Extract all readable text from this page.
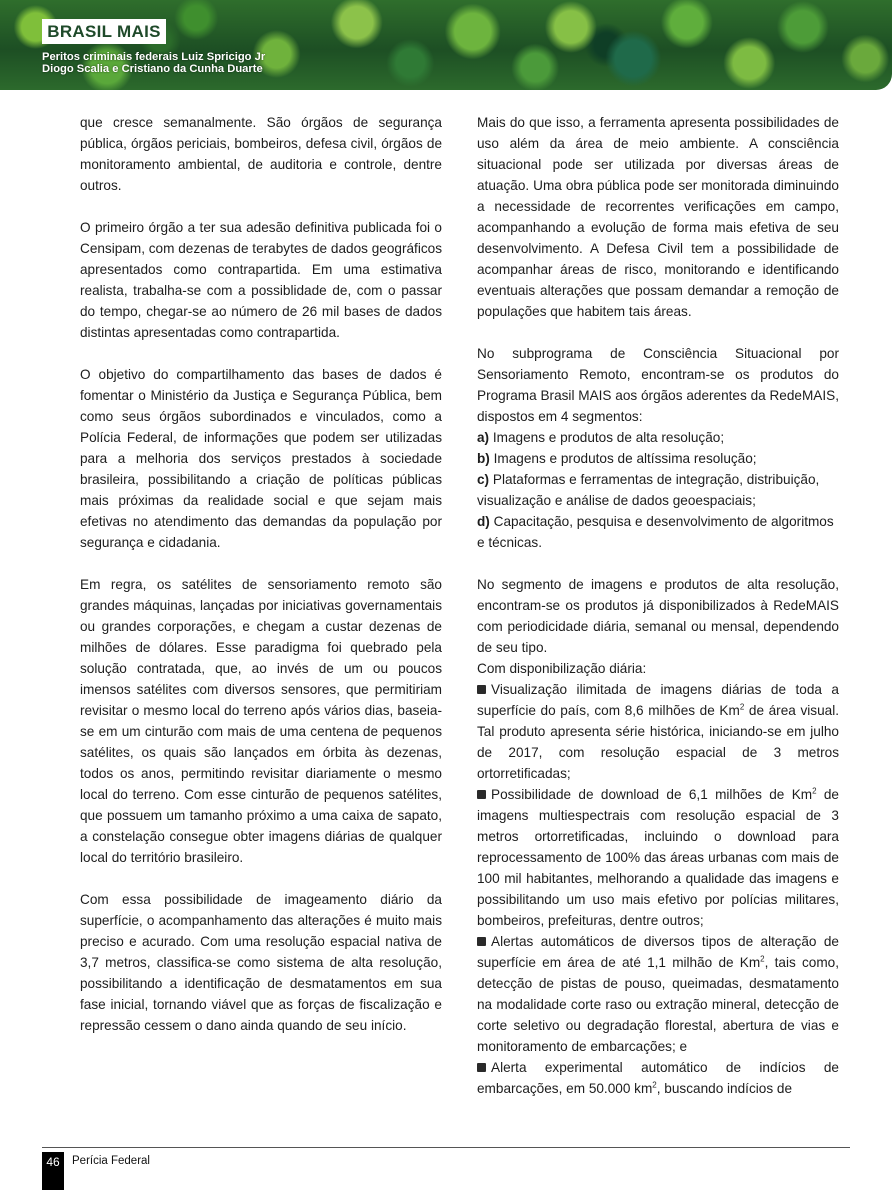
BRASIL MAIS
Peritos criminais federais Luiz Spricigo Jr
Diogo Scalia e Cristiano da Cunha Duarte

que cresce semanalmente. São órgãos de segurança pública, órgãos periciais, bombeiros, defesa civil, órgãos de monitoramento ambiental, de auditoria e controle, dentre outros.

O primeiro órgão a ter sua adesão definitiva publicada foi o Censipam, com dezenas de terabytes de dados geográficos apresentados como contrapartida. Em uma estimativa realista, trabalha-se com a possiblidade de, com o passar do tempo, chegar-se ao número de 26 mil bases de dados distintas apresentadas como contrapartida.

O objetivo do compartilhamento das bases de dados é fomentar o Ministério da Justiça e Segurança Pública, bem como seus órgãos subordinados e vinculados, como a Polícia Federal, de informações que podem ser utilizadas para a melhoria dos serviços prestados à sociedade brasileira, possibilitando a criação de políticas públicas mais próximas da realidade social e que sejam mais efetivas no atendimento das demandas da população por segurança e cidadania.

Em regra, os satélites de sensoriamento remoto são grandes máquinas, lançadas por iniciativas governamentais ou grandes corporações, e chegam a custar dezenas de milhões de dólares. Esse paradigma foi quebrado pela solução contratada, que, ao invés de um ou poucos imensos satélites com diversos sensores, que permitiriam revisitar o mesmo local do terreno após vários dias, baseia-se em um cinturão com mais de uma centena de pequenos satélites, os quais são lançados em órbita às dezenas, todos os anos, permitindo revisitar diariamente o mesmo local do terreno. Com esse cinturão de pequenos satélites, que possuem um tamanho próximo a uma caixa de sapato, a constelação consegue obter imagens diárias de qualquer local do território brasileiro.

Com essa possibilidade de imageamento diário da superfície, o acompanhamento das alterações é muito mais preciso e acurado. Com uma resolução espacial nativa de 3,7 metros, classifica-se como sistema de alta resolução, possibilitando a identificação de desmatamentos em sua fase inicial, tornando viável que as forças de fiscalização e repressão cessem o dano ainda quando de seu início.

Mais do que isso, a ferramenta apresenta possibilidades de uso além da área de meio ambiente. A consciência situacional pode ser utilizada por diversas áreas de atuação. Uma obra pública pode ser monitorada diminuindo a necessidade de recorrentes verificações em campo, acompanhando a evolução de forma mais efetiva de seu desenvolvimento. A Defesa Civil tem a possibilidade de acompanhar áreas de risco, monitorando e identificando eventuais alterações que possam demandar a remoção de populações que habitem tais áreas.

No subprograma de Consciência Situacional por Sensoriamento Remoto, encontram-se os produtos do Programa Brasil MAIS aos órgãos aderentes da RedeMAIS, dispostos em 4 segmentos:

a) Imagens e produtos de alta resolução;
b) Imagens e produtos de altíssima resolução;
c) Plataformas e ferramentas de integração, distribuição, visualização e análise de dados geoespaciais;
d) Capacitação, pesquisa e desenvolvimento de algoritmos e técnicas.

No segmento de imagens e produtos de alta resolução, encontram-se os produtos já disponibilizados à RedeMAIS com periodicidade diária, semanal ou mensal, dependendo de seu tipo.

Com disponibilização diária:

Visualização ilimitada de imagens diárias de toda a superfície do país, com 8,6 milhões de Km$^2$ de área visual. Tal produto apresenta série histórica, iniciando-se em julho de 2017, com resolução espacial de 3 metros ortorretificadas;
Possibilidade de download de 6,1 milhões de Km$^2$ de imagens multiespectrais com resolução espacial de 3 metros ortorretificadas, incluindo o download para reprocessamento de 100% das áreas urbanas com mais de 100 mil habitantes, melhorando a qualidade das imagens e possibilitando um uso mais efetivo por polícias militares, bombeiros, prefeituras, dentre outros;
Alertas automáticos de diversos tipos de alteração de superfície em área de até 1,1 milhão de Km$^2$, tais como, detecção de pistas de pouso, queimadas, desmatamento na modalidade corte raso ou extração mineral, detecção de corte seletivo ou degradação florestal, abertura de vias e monitoramento de embarcações; e
Alerta experimental automático de indícios de embarcações, em 50.000 $km^2$, buscando indícios de
46	Perícia Federal
